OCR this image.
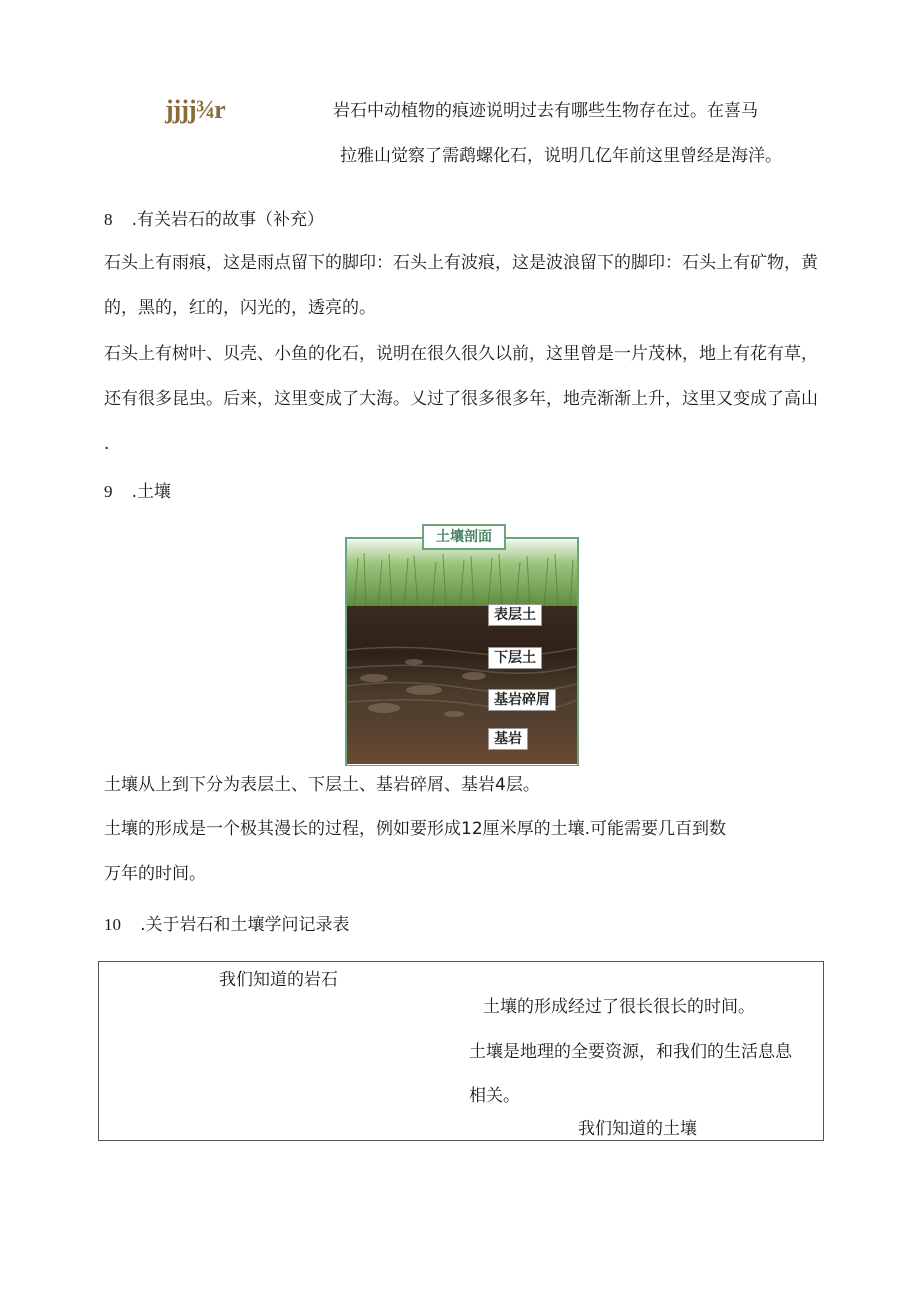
jjjj¾r	岩石中动植物的痕迹说明过去有哪些生物存在过。在喜马
拉雅山觉察了需鹉螺化石，说明几亿年前这里曾经是海洋。
8 .有关岩石的故事（补充）
石头上有雨痕，这是雨点留下的脚印：石头上有波痕，这是波浪留下的脚印：石头上有矿物，黄
的，黑的，红的，闪光的，透亮的。
石头上有树叶、贝壳、小鱼的化石，说明在很久很久以前，这里曾是一片茂林，地上有花有草，
还有很多昆虫。后来，这里变成了大海。乂过了很多很多年，地壳渐渐上升，这里又变成了高山
.
9 .土壤
土壤剖面
表层土
下层土
基岩碎屑
基岩
土壤从上到下分为表层土、下层土、基岩碎屑、基岩4层。
土壤的形成是一个极其漫长的过程，例如要形成12厘米厚的土壤.可能需要几百到数
万年的时间。
10 .关于岩石和土壤学问记录表
我们知道的岩石
土壤的形成经过了很长很长的时间。
土壤是地理的全要资源，和我们的生活息息
相关。
我们知道的土壤
